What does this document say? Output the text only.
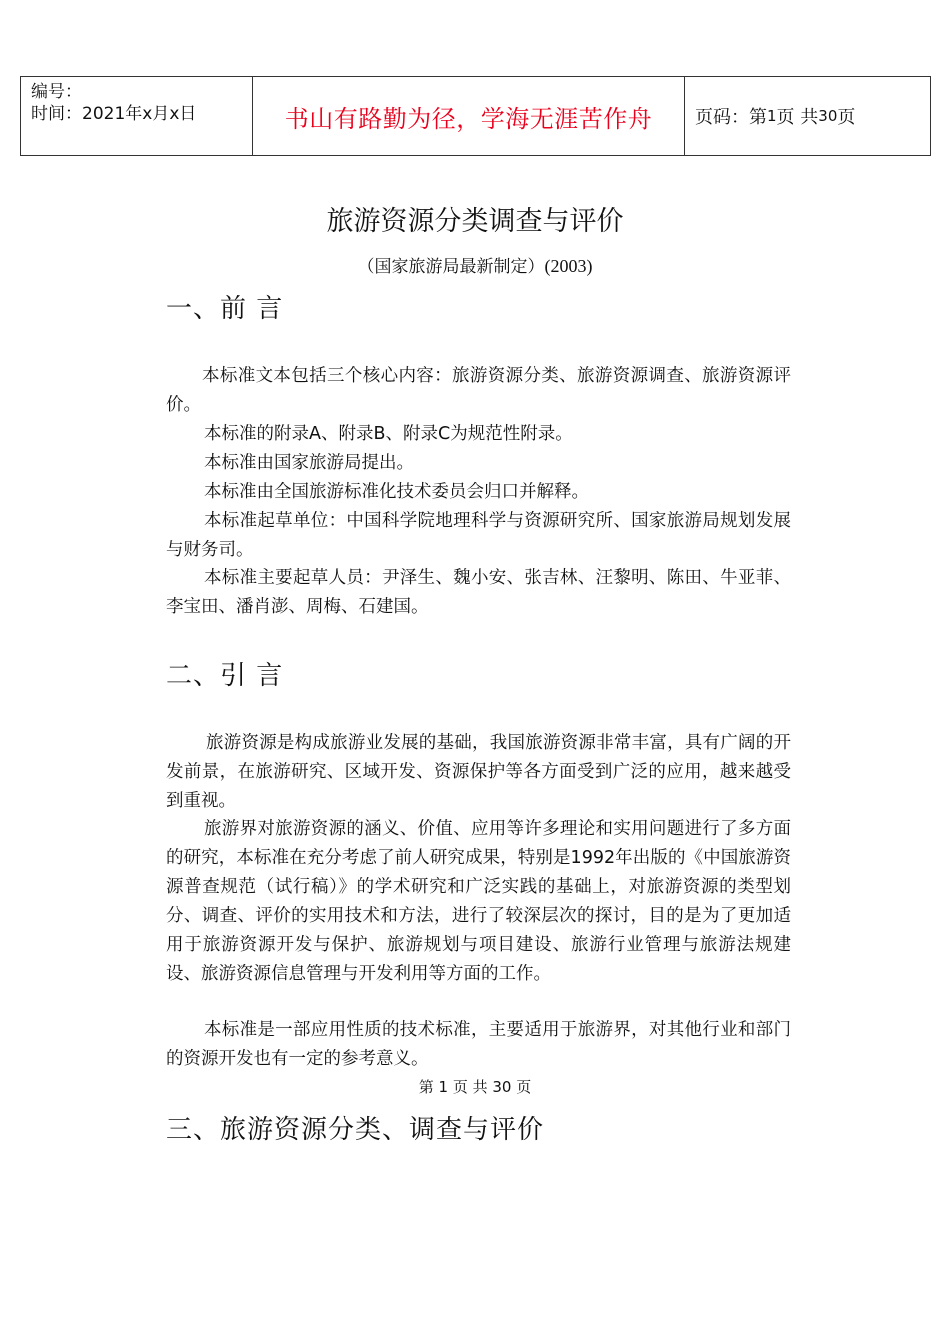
编号：
时间：2021年x月x日	书山有路勤为径，学海无涯苦作舟 页码：第 1 页 共 30 页
旅游资源分类调查与评价
（国家旅游局最新制定）(2003)
一、前 言

本标准文本包括三个核心内容：旅游资源分类、旅游资源调查、旅游资源评价。

本标准的附录A、附录B、附录C为规范性附录。

本标准由国家旅游局提出。

本标准由全国旅游标准化技术委员会归口并解释。

本标准起草单位：中国科学院地理科学与资源研究所、国家旅游局规划发展与财务司。

本标准主要起草人员：尹泽生、魏小安、张吉林、汪黎明、陈田、牛亚菲、李宝田、潘肖澎、周梅、石建国。

二、引 言

旅游资源是构成旅游业发展的基础，我国旅游资源非常丰富，具有广阔的开发前景，在旅游研究、区域开发、资源保护等各方面受到广泛的应用，越来越受到重视。

旅游界对旅游资源的涵义、价值、应用等许多理论和实用问题进行了多方面的研究，本标准在充分考虑了前人研究成果，特别是1992年出版的《中国旅游资源普查规范（试行稿）》的学术研究和广泛实践的基础上，对旅游资源的类型划分、调查、评价的实用技术和方法，进行了较深层次的探讨，目的是为了更加适用于旅游资源开发与保护、旅游规划与项目建设、旅游行业管理与旅游法规建设、旅游资源信息管理与开发利用等方面的工作。

本标准是一部应用性质的技术标准，主要适用于旅游界，对其他行业和部门的资源开发也有一定的参考意义。

第 1 页 共 30 页
三、旅游资源分类、调查与评价
